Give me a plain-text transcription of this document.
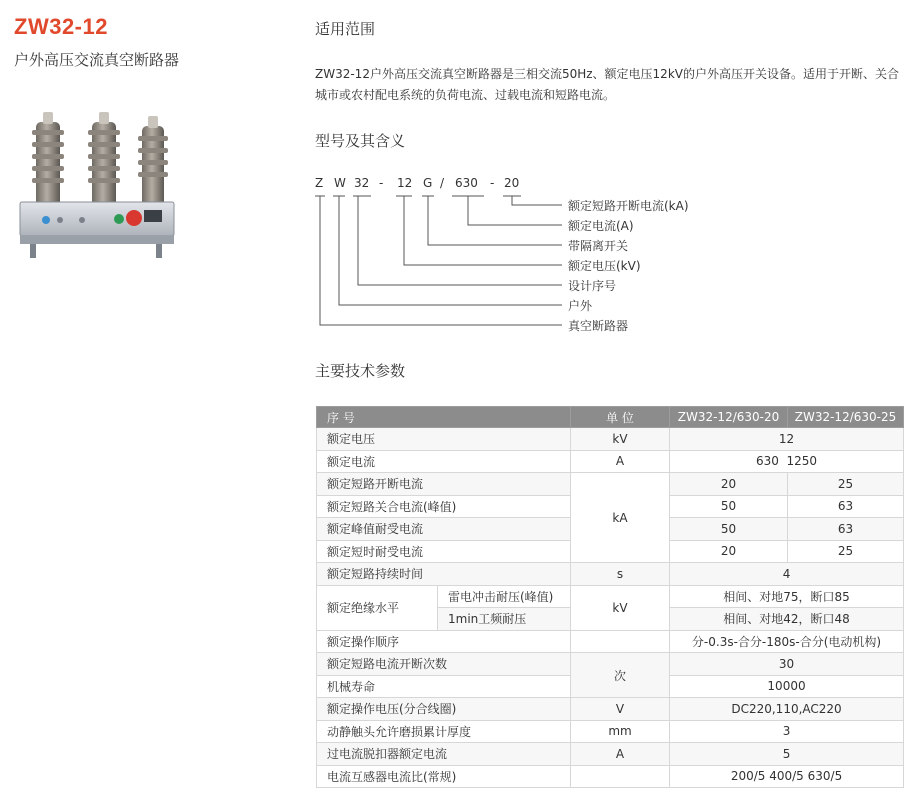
ZW32-12
户外高压交流真空断路器
适用范围
ZW32-12户外高压交流真空断路器是三相交流50Hz、额定电压12kV的户外高压开关设备。适用于开断、关合城市或农村配电系统的负荷电流、过载电流和短路电流。
型号及其含义
Z W 32 - 12 G / 630 - 20
额定短路开断电流(kA)
额定电流(A)
带隔离开关
额定电压(kV)
设计序号
户外
真空断路器
主要技术参数
序 号		单 位	ZW32-12/630-20	ZW32-12/630-25
额定电压		kV	12	
额定电流		A	630  1250	
额定短路开断电流		kA	20	25
额定短路关合电流(峰值)			50	63
额定峰值耐受电流			50	63
额定短时耐受电流			20	25
额定短路持续时间		s	4	
额定绝缘水平	雷电冲击耐压(峰值)	kV	相间、对地75，断口85	
	1min工频耐压		相间、对地42，断口48	
额定操作顺序			分-0.3s-合分-180s-合分(电动机构)	
额定短路电流开断次数		次	30	
机械寿命			10000	
额定操作电压(分合线圈)		V	DC220,110,AC220	
动静触头允许磨损累计厚度		mm	3	
过电流脱扣器额定电流		A	5	
电流互感器电流比(常规)			200/5 400/5 630/5	
